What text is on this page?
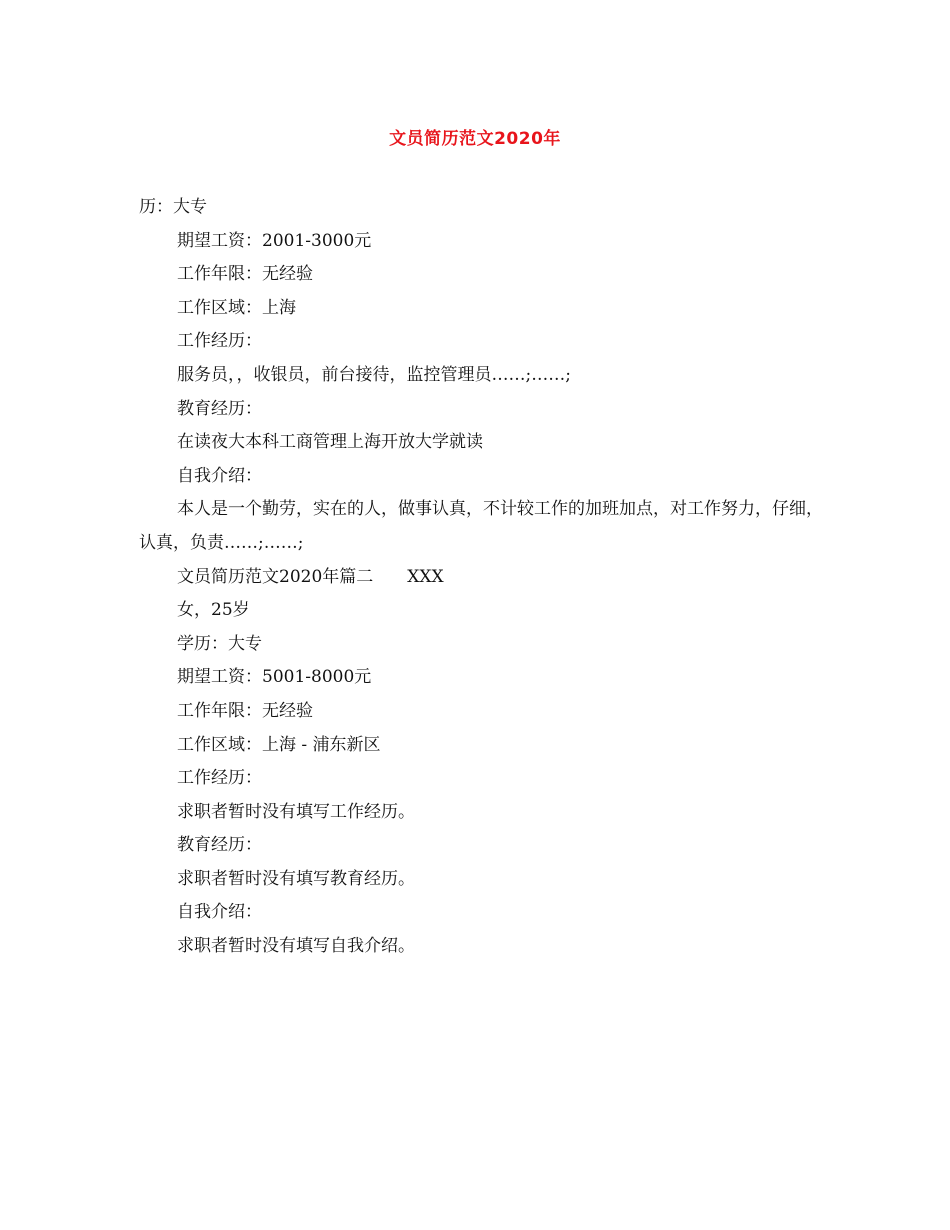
文员简历范文2020年
历：大专
期望工资：2001-3000元
工作年限：无经验
工作区域：上海
工作经历：
服务员，，收银员，前台接待，监控管理员……;……;
教育经历：
在读夜大本科工商管理上海开放大学就读
自我介绍：
本人是一个勤劳，实在的人，做事认真，不计较工作的加班加点，对工作努力，仔细，认真，负责……;……;
文员简历范文2020年篇二 XXX
女，25岁
学历：大专
期望工资：5001-8000元
工作年限：无经验
工作区域：上海 - 浦东新区
工作经历：
求职者暂时没有填写工作经历。
教育经历：
求职者暂时没有填写教育经历。
自我介绍：
求职者暂时没有填写自我介绍。
